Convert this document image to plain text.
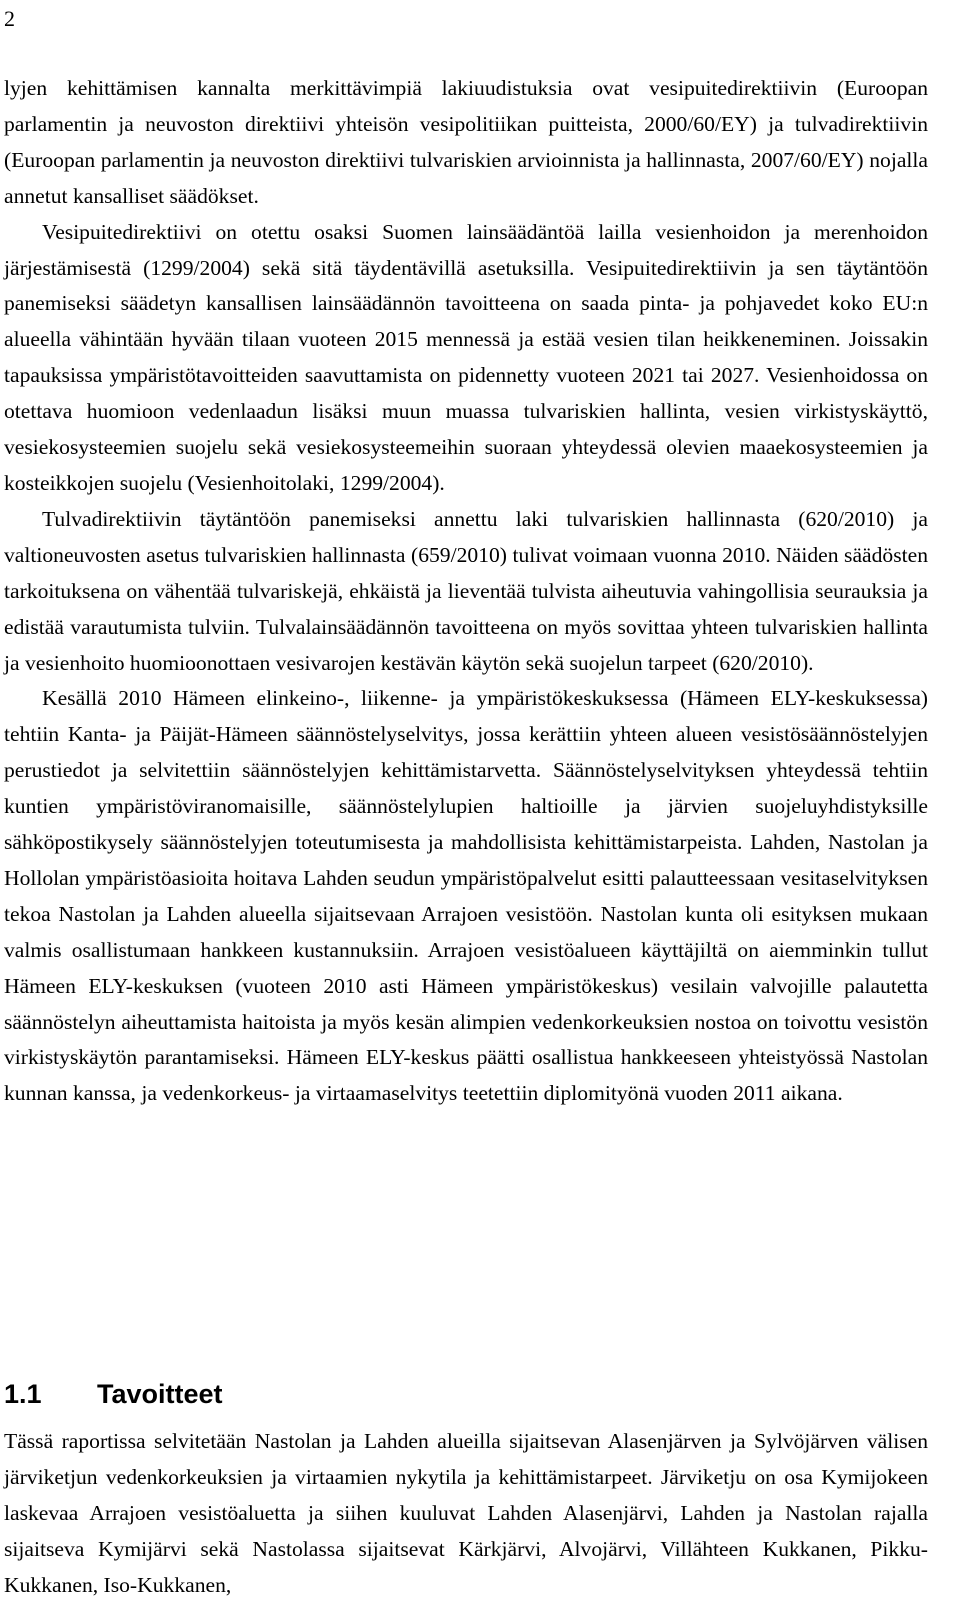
2

lyjen kehittämisen kannalta merkittävimpiä lakiuudistuksia ovat vesipuitedirektiivin (Euroopan parlamentin ja neuvoston direktiivi yhteisön vesipolitiikan puitteista, 2000/60/EY) ja tulvadirektiivin (Euroopan parlamentin ja neuvoston direktiivi tulvariskien arvioinnista ja hallinnasta, 2007/60/EY) nojalla annetut kansalliset säädökset.

Vesipuitedirektiivi on otettu osaksi Suomen lainsäädäntöä lailla vesienhoidon ja merenhoidon järjestämisestä (1299/2004) sekä sitä täydentävillä asetuksilla. Vesipuitedirektiivin ja sen täytäntöön panemiseksi säädetyn kansallisen lainsäädännön tavoitteena on saada pinta- ja pohjavedet koko EU:n alueella vähintään hyvään tilaan vuoteen 2015 mennessä ja estää vesien tilan heikkeneminen. Joissakin tapauksissa ympäristötavoitteiden saavuttamista on pidennetty vuoteen 2021 tai 2027. Vesienhoidossa on otettava huomioon vedenlaadun lisäksi muun muassa tulvariskien hallinta, vesien virkistyskäyttö, vesiekosysteemien suojelu sekä vesiekosysteemeihin suoraan yhteydessä olevien maaekosysteemien ja kosteikkojen suojelu (Vesienhoitolaki, 1299/2004).

Tulvadirektiivin täytäntöön panemiseksi annettu laki tulvariskien hallinnasta (620/2010) ja valtioneuvosten asetus tulvariskien hallinnasta (659/2010) tulivat voimaan vuonna 2010. Näiden säädösten tarkoituksena on vähentää tulvariskejä, ehkäistä ja lieventää tulvista aiheutuvia vahingollisia seurauksia ja edistää varautumista tulviin. Tulvalainsäädännön tavoitteena on myös sovittaa yhteen tulvariskien hallinta ja vesienhoito huomioonottaen vesivarojen kestävän käytön sekä suojelun tarpeet (620/2010).

Kesällä 2010 Hämeen elinkeino-, liikenne- ja ympäristökeskuksessa (Hämeen ELY-keskuksessa) tehtiin Kanta- ja Päijät-Hämeen säännöstelyselvitys, jossa kerättiin yhteen alueen vesistösäännöstelyjen perustiedot ja selvitettiin säännöstelyjen kehittämistarvetta. Säännöstelyselvityksen yhteydessä tehtiin kuntien ympäristöviranomaisille, säännöstelylupien haltioille ja järvien suojeluyhdistyksille sähköpostikysely säännöstelyjen toteutumisesta ja mahdollisista kehittämistarpeista. Lahden, Nastolan ja Hollolan ympäristöasioita hoitava Lahden seudun ympäristöpalvelut esitti palautteessaan vesitaselvityksen tekoa Nastolan ja Lahden alueella sijaitsevaan Arrajoen vesistöön. Nastolan kunta oli esityksen mukaan valmis osallistumaan hankkeen kustannuksiin. Arrajoen vesistöalueen käyttäjiltä on aiemminkin tullut Hämeen ELY-keskuksen (vuoteen 2010 asti Hämeen ympäristökeskus) vesilain valvojille palautetta säännöstelyn aiheuttamista haitoista ja myös kesän alimpien vedenkorkeuksien nostoa on toivottu vesistön virkistyskäytön parantamiseksi. Hämeen ELY-keskus päätti osallistua hankkeeseen yhteistyössä Nastolan kunnan kanssa, ja vedenkorkeus- ja virtaamaselvitys teetettiin diplomityönä vuoden 2011 aikana.

1.1 Tavoitteet

Tässä raportissa selvitetään Nastolan ja Lahden alueilla sijaitsevan Alasenjärven ja Sylvöjärven välisen järviketjun vedenkorkeuksien ja virtaamien nykytila ja kehittämistarpeet. Järviketju on osa Kymijokeen laskevaa Arrajoen vesistöaluetta ja siihen kuuluvat Lahden Alasenjärvi, Lahden ja Nastolan rajalla sijaitseva Kymijärvi sekä Nastolassa sijaitsevat Kärkjärvi, Alvojärvi, Villähteen Kukkanen, Pikku-Kukkanen, Iso-Kukkanen,
